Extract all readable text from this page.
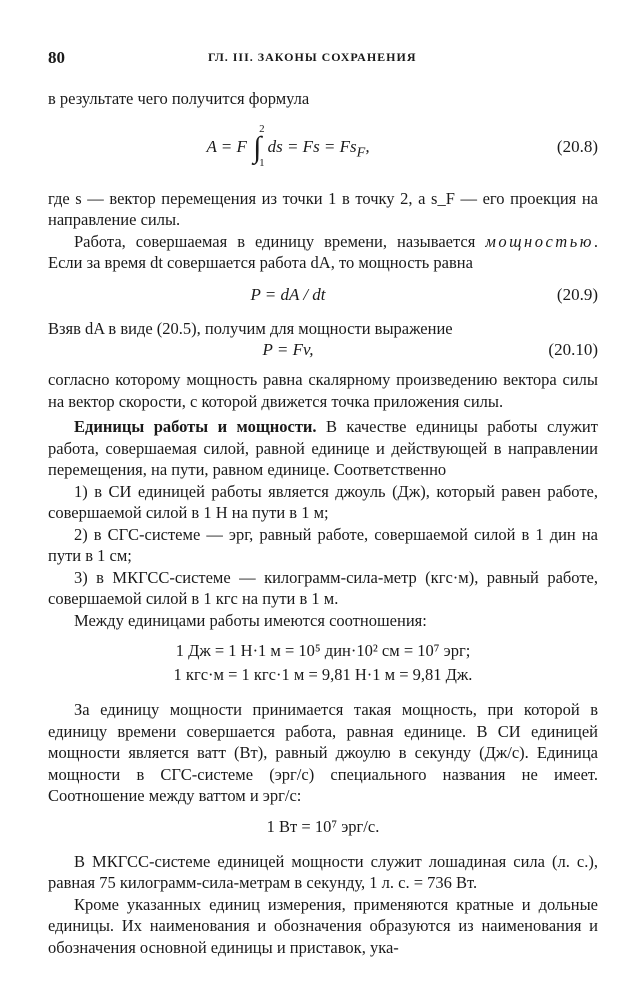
80	ГЛ. III. ЗАКОНЫ СОХРАНЕНИЯ

в результате чего получится формула

A = F ∫
2
1
ds = $Fs = Fs_F$,	(20.8)

где s — вектор перемещения из точки 1 в точку 2, а s_F — его проекция на направление силы.

Работа, совершаемая в единицу времени, называется мощностью. Если за время dt совершается работа dA, то мощность равна

P = dA / dt	(20.9)

Взяв dA в виде (20.5), получим для мощности выражение

P = Fv,	(20.10)

согласно которому мощность равна скалярному произведению вектора силы на вектор скорости, с которой движется точка приложения силы.

Единицы работы и мощности. В качестве единицы работы служит работа, совершаемая силой, равной единице и действующей в направлении перемещения, на пути, равном единице. Соответственно

1) в СИ единицей работы является джоуль (Дж), который равен работе, совершаемой силой в 1 Н на пути в 1 м;

2) в СГС-системе — эрг, равный работе, совершаемой силой в 1 дин на пути в 1 см;

3) в МКГСС-системе — килограмм-сила-метр (кгс·м), равный работе, совершаемой силой в 1 кгс на пути в 1 м.

Между единицами работы имеются соотношения:

1 Дж = 1 Н·1 м = 10⁵ дин·10² см = 10⁷ эрг;
1 кгс·м = 1 кгс·1 м = 9,81 Н·1 м = 9,81 Дж.

За единицу мощности принимается такая мощность, при которой в единицу времени совершается работа, равная единице. В СИ единицей мощности является ватт (Вт), равный джоулю в секунду (Дж/с). Единица мощности в СГС-системе (эрг/с) специального названия не имеет. Соотношение между ваттом и эрг/с:

1 Вт = 10⁷ эрг/с.

В МКГСС-системе единицей мощности служит лошадиная сила (л. с.), равная 75 килограмм-сила-метрам в секунду, 1 л. с. = 736 Вт.

Кроме указанных единиц измерения, применяются кратные и дольные единицы. Их наименования и обозначения образуются из наименования и обозначения основной единицы и приставок, ука-
